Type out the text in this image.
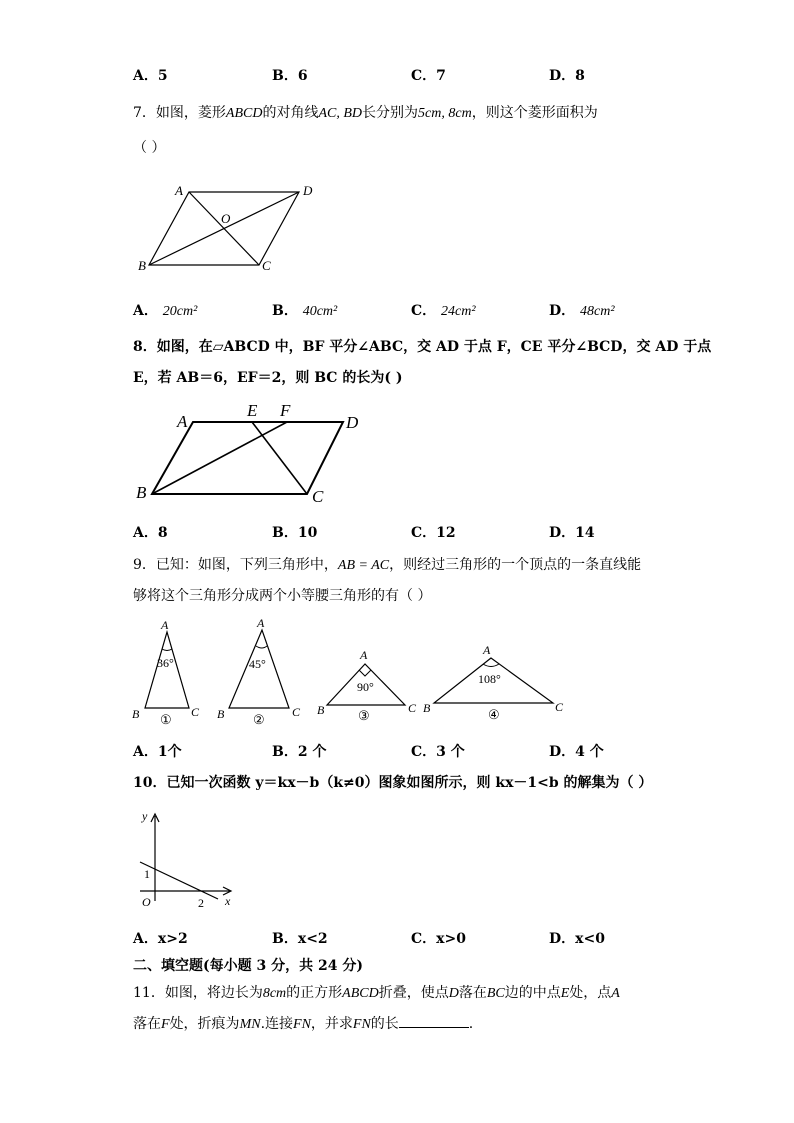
A．5	B．6	C．7	D．8
7．如图，菱形ABCD的对角线AC, BD长分别为5cm, 8cm，则这个菱形面积为
（ ）
A	D
B	C
O
A． 20cm²	B． 40cm²	C． 24cm²	D． 48cm²
8．如图，在▱ABCD 中，BF 平分∠ABC，交 AD 于点 F，CE 平分∠BCD，交 AD 于点
E，若 AB＝6，EF＝2，则 BC 的长为( )
A
E F
D
B	C
A．8	B．10	C．12	D．14
9．已知：如图，下列三角形中，AB = AC，则经过三角形的一个顶点的一条直线能
够将这个三角形分成两个小等腰三角形的有（ ）
A
36°
B	C
①
A
45°
B	C
②
A
90°
B	C
③
A
108°
B	C
④
A．1个	B．2 个	C．3 个	D．4 个
10．已知一次函数 y＝kx－b（k≠0）图象如图所示，则 kx－1<b 的解集为（ ）
y
x
O
1
2
A．x>2	B．x<2	C．x>0	D．x<0
二、填空题(每小题 3 分，共 24 分)
11．如图，将边长为8cm的正方形ABCD折叠，使点D落在BC边的中点E处，点A
落在F处，折痕为MN.连接FN，并求FN的长	.
